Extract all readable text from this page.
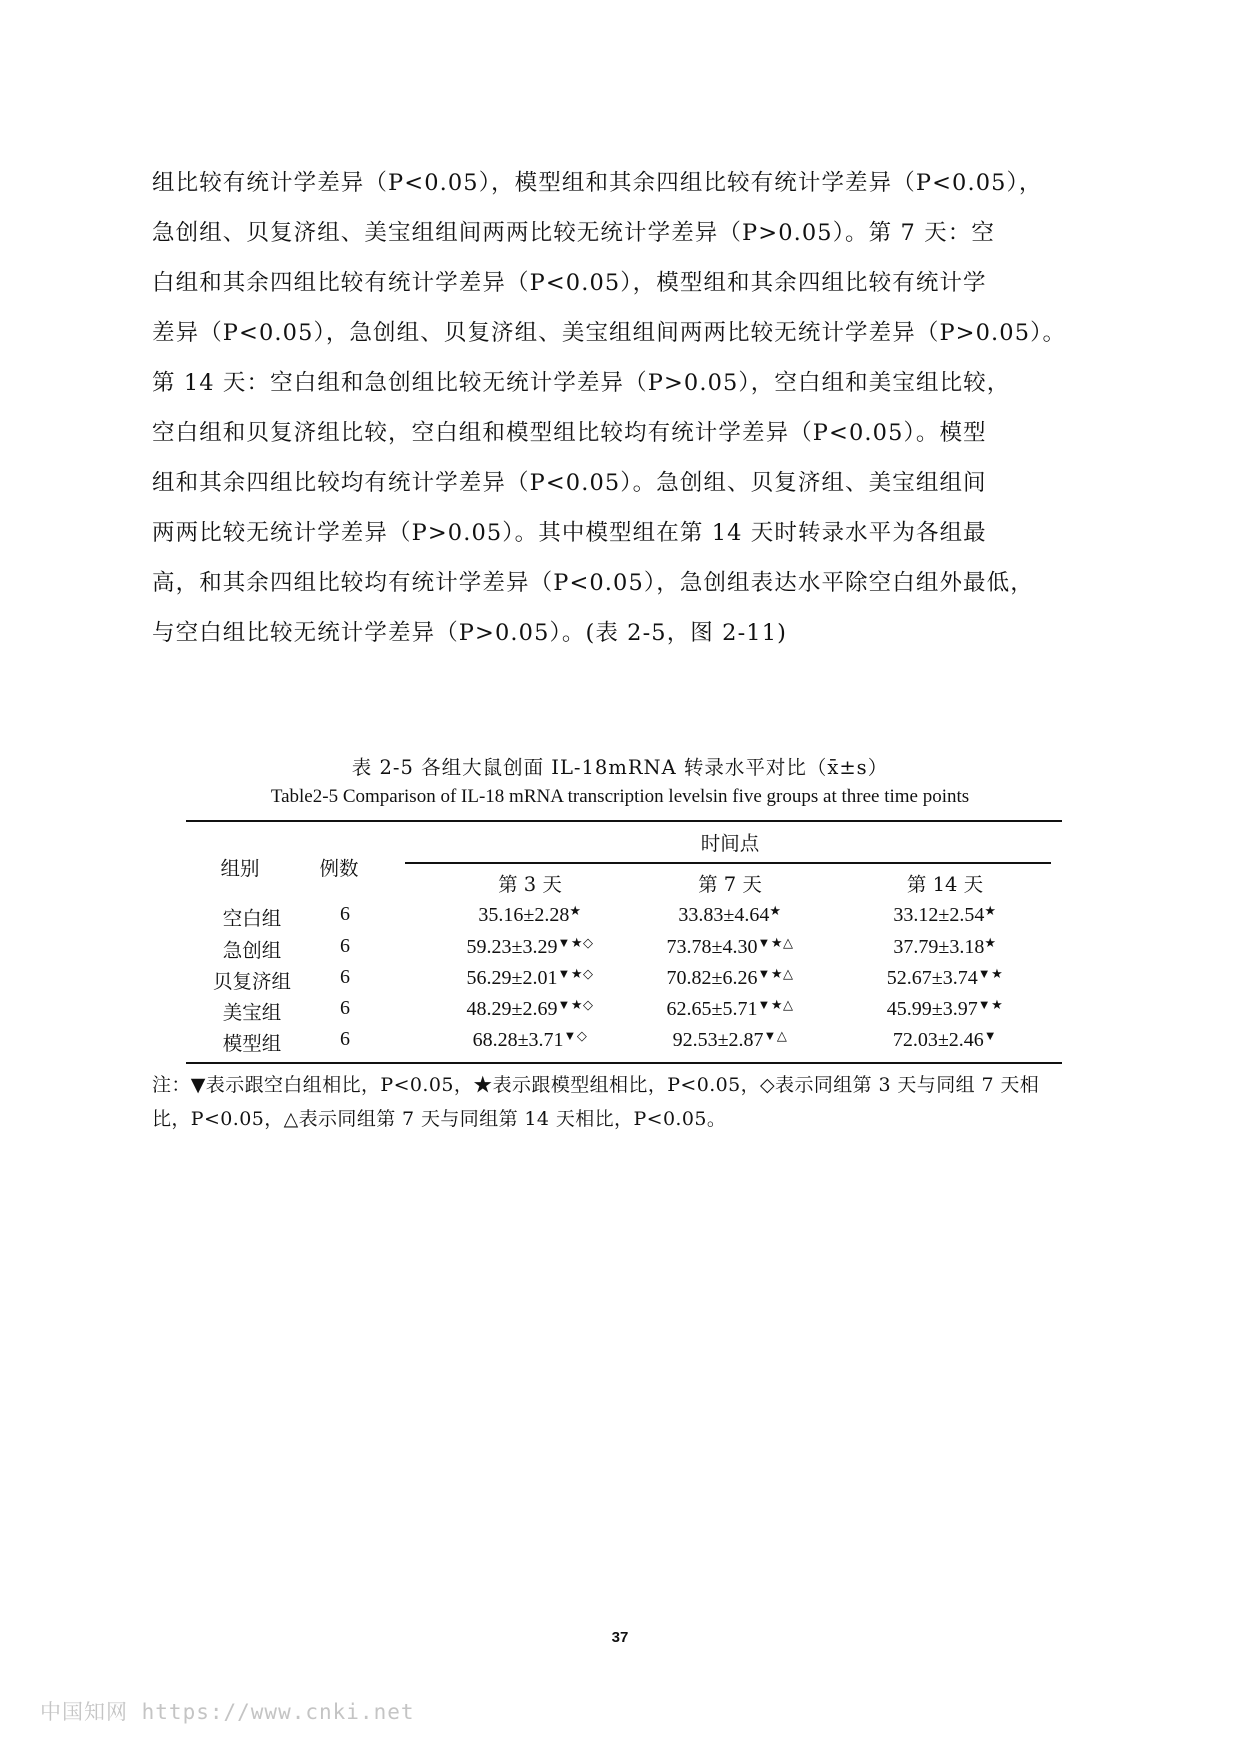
组比较有统计学差异（P<0.05），模型组和其余四组比较有统计学差异（P<0.05），
急创组、贝复济组、美宝组组间两两比较无统计学差异（P>0.05）。第 7 天：空
白组和其余四组比较有统计学差异（P<0.05），模型组和其余四组比较有统计学
差异（P<0.05），急创组、贝复济组、美宝组组间两两比较无统计学差异（P>0.05）。
第 14 天：空白组和急创组比较无统计学差异（P>0.05），空白组和美宝组比较，
空白组和贝复济组比较，空白组和模型组比较均有统计学差异（P<0.05）。模型
组和其余四组比较均有统计学差异（P<0.05）。急创组、贝复济组、美宝组组间
两两比较无统计学差异（P>0.05）。其中模型组在第 14 天时转录水平为各组最
高，和其余四组比较均有统计学差异（P<0.05），急创组表达水平除空白组外最低，
与空白组比较无统计学差异（P>0.05）。(表 2-5，图 2-11)
表 2-5 各组大鼠创面 IL-18mRNA 转录水平对比（x̄±s）
Table2-5 Comparison of IL-18 mRNA transcription levelsin five groups at three time points
时间点
组别	例数
第 3 天	第 7 天	第 14 天
空白组	6	35.16±2.28★	33.83±4.64★	33.12±2.54★
急创组	6	59.23±3.29▼★◇	73.78±4.30▼★△	37.79±3.18★
贝复济组 6	56.29±2.01▼★◇	70.82±6.26▼★△	52.67±3.74▼★
美宝组	6	48.29±2.69▼★◇	62.65±5.71▼★△	45.99±3.97▼★
模型组	6	68.28±3.71▼◇	92.53±2.87▼△	72.03±2.46▼
注：▼表示跟空白组相比，P<0.05，★表示跟模型组相比，P<0.05，◇表示同组第 3 天与同组 7 天相
比，P<0.05，△表示同组第 7 天与同组第 14 天相比，P<0.05。
37
中国知网 https://www.cnki.net
